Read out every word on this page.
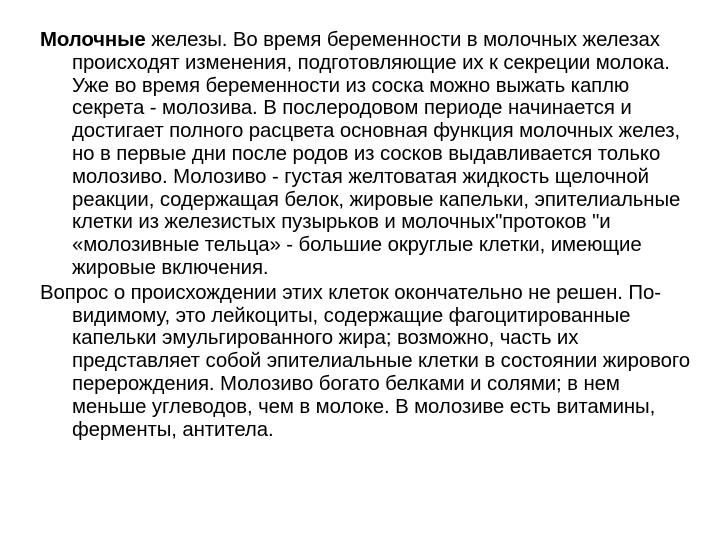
Молочные железы. Во время беременности в молочных железах происходят изменения, подготовляющие их к секреции молока. Уже во время беременности из соска можно выжать каплю секрета - молозива. В послеродовом периоде начинается и достигает полного расцвета основная функция молочных желез, но в первые дни после родов из сосков выдавливается только молозиво. Молозиво - густая желтоватая жидкость щелочной реакции, содержащая белок, жировые капельки, эпителиальные клетки из железистых пузырьков и молочных"протоков "и «молозивные тельца» - большие округлые клетки, имеющие жировые включения.

Вопрос о происхождении этих клеток окончательно не решен. По-видимому, это лейкоциты, содержащие фагоцитированные капельки эмульгированного жира; возможно, часть их представляет собой эпителиальные клетки в состоянии жирового перерождения. Молозиво богато белками и солями; в нем меньше углеводов, чем в молоке. В молозиве есть витамины, ферменты, антитела.
